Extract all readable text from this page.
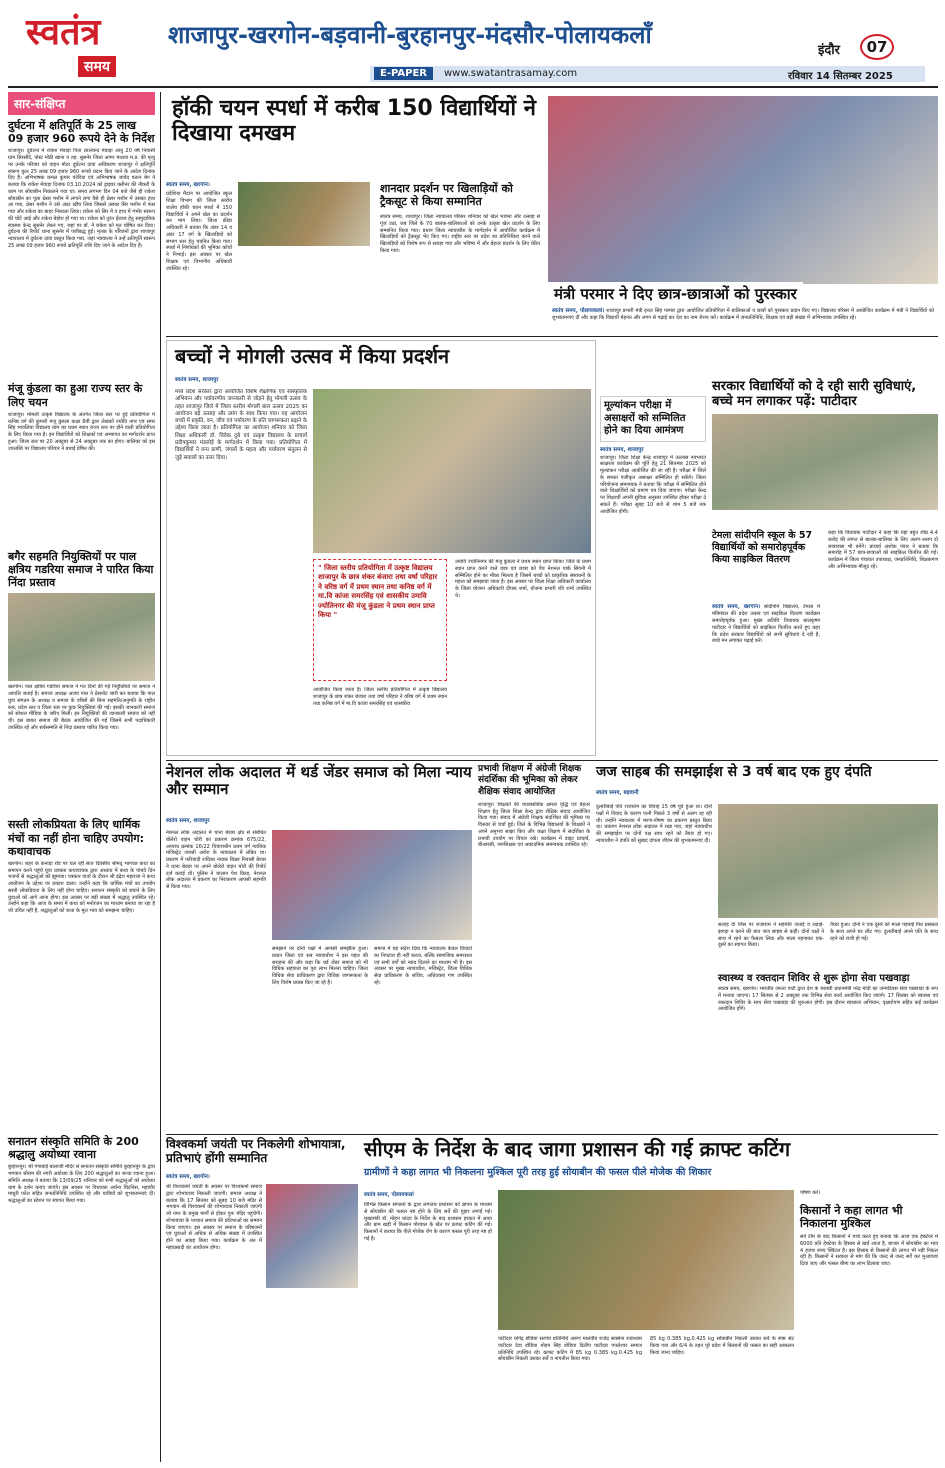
स्वतंत्र
समय
शाजापुर-खरगोन-बड़वानी-बुरहानपुर-मंदसौर-पोलायकलाँ
इंदौर	07
E-PAPER	www.swatantrasamay.com	रविवार 14 सितम्बर 2025
सार-संक्षिप्त
दुर्घटना में क्षतिपूर्ति के 25 लाख 09 हजार 960 रूपये देने के निर्देश
शाजापुर। दुर्घटना में राकेश मेवाड़ा पिता लालचन्द मेवाड़ा आयु 20 वर्ष निवासी ग्राम सिरसौदें, पोस्ट मोठी खाना व तह. सुसनेर जिला आगर मालवा म.प्र. की मृत्यु पर उनके परिवार को वाहन मोटर दुर्घटना दावा अधिकरण शाजापुर ने क्षतिपूर्ति स्वरूप कुल 25 लाख 09 हजार 960 रूपये प्रदान किए जाने के आदेश दिनांक दिए हैं। अभिभाषक कमल कुमार पटेरिया एवं अभिभाषक जावेद पठान बेग ने बताया कि राकेश मेवाड़ा दिनांक 03.10.2024 को ड्राइवर क्लीनर की नौकरी के काम पर सोयाबीन निकालने गया था। समय लगभग दिन 04 बजे जैसे ही राकेश सोयाबीन का पूला थ्रेसर मशीन में लगाने लगा वैसे ही थ्रेसर मशीन में उसका हाथ आ गया, थ्रेसर मशीन ने उसे अंदर खींच लिया जिससे उसका सिर मशीन में फंस गया और राकेश का बाहर निकाला लिया। राकेश को सिर में व हाथ में गंभीर स्वरूप की चोटें आई और राकेश बेहोश हो गया था। राकेश को तुरंत ईलाज हेतु सामुदायिक स्वास्थ्य केन्द्र सुसनेर लेकर गए, जहां पर डॉ. ने राकेश को मृत घोषित कर दिया। दुर्घटना की रिपोर्ट थाना सुसनेर में पंजीबद्ध हुई। मृतक के परिजनों द्वारा शाजापुर न्यायालय में दुर्घटना दावा प्रस्तुत किया गया, जहां न्यायालय ने उन्हें क्षतिपूर्ति स्वरूप 25 लाख 09 हजार 960 रूपये क्षतिपूर्ति राशि दिए जाने के आदेश दिए हैं।
मंजू कुंडला का हुआ राज्य स्तर के लिए चयन
शाजापुर। मोमली उत्कृष्ट विद्यालय के अंतर्गत जिला स्तर पर हुई प्रतियोगिता में कनिष्ठ वर्ग की कुमारी मंजू कुंडला कक्षा 8वीं द्वारा लेखकों ज्योति नगर एवं समर सिंह भावलिया विद्यालय ग्राम का प्रथम स्थान राज्य स्तर पर होने वाली प्रतियोगिता के लिए किया गया है। इन विद्यार्थियों को शिक्षकों एवं अभ्यागत का मार्गदर्शन प्राप्त हुआ। जिला स्तर पर 20 अक्टूबर से 24 अक्टूबर तक का होगा। बालिका को इस उपलब्धि पर विद्यालय परिवार ने बधाई प्रेषित की।
बगैर सहमति नियुक्तियों पर पाल क्षत्रिय गडरिया समाज ने पारित किया निंदा प्रस्ताव
खरगोन। पाल क्षत्रिय गडरिया समाज ने गत दिनों की गई नियुक्तियों पर समाज ने आपत्ति जताई है। समाज अध्यक्ष अजय पाल ने प्रेसनोट जारी कर बताया कि पाल युवा संगठन के अध्यक्ष व समाज के वरिष्ठों की बिना सहमति/अनुमति के राष्ट्रीय स्तर, प्रदेश स्तर व जिला स्तर पर कुछ नियुक्तियां की गई। इसकी जानकारी समाज को सोशल मीडिया के जरिए मिली। इन नियुक्तियों की जानकारी समाज को नहीं थी। इस बाबत समाज की बैठक आयोजित की गई जिसमें सभी पदाधिकारी उपस्थित रहे और सर्वसम्मति से निंदा प्रस्ताव पारित किया गया।
सस्ती लोकप्रियता के लिए धार्मिक मंचों का नहीं होना चाहिए उपयोग: कथावाचक
खरगोन। शहर के कनाड़ा रोड पर चल रही सात दिवसीय श्रीमद् भागवत कथा का समापन करने पहुंचे युवा प्रवक्ता कथावाचक द्वारा अध्याय में कथा के पांचवे दिन भजनों से श्रद्धालुओं को झूमाया। पत्रकार वार्ता के दौरान श्री इंद्रेश महाराज ने कथा आयोजन के उद्देश्य पर प्रकाश डाला। उन्होंने कहा कि धार्मिक मंचों का उपयोग सस्ती लोकप्रियता के लिए नहीं होना चाहिए। सनातन संस्कृति को बचाने के लिए युवाओं को आगे आना होगा। इस अवसर पर बड़ी संख्या में श्रद्धालु उपस्थित रहे। उन्होंने कहा कि आज के समय में कथा को मनोरंजन का माध्यम बनाया जा रहा है जो उचित नहीं है, श्रद्धालुओं को कथा के मूल भाव को समझना चाहिए।
सनातन संस्कृति समिति के 200 श्रद्धालु अयोध्या रवाना
बुरहानपुर। श्री गंगाबाई बालाजी मंदिर से सनातन संस्कृति समिति बुरहानपुर के द्वारा भगवान श्रीराम की नगरी अयोध्या के लिए 200 श्रद्धालुओं का जत्था रवाना हुआ। समिति अध्यक्ष ने बताया कि 13/09/25 शनिवार को सभी श्रद्धालुओं को अयोध्या धाम के दर्शन कराए जाएंगे। इस अवसर पर विधायक अर्चना चिटनिस, महापौर माधुरी पटेल सहित जनप्रतिनिधि उपस्थित रहे और यात्रियों को शुभकामनाएं दीं। श्रद्धालुओं का स्टेशन पर स्वागत किया गया।
हॉकी चयन स्पर्धा में करीब 150 विद्यार्थियों ने दिखाया दमखम
स्वतंत्र समय, खरगोन।
प्रदेशिया मैदान पर आयोजित स्कूल शिक्षा विभाग की जिला स्तरीय शालेय हॉकी चयन स्पर्धा में 150 विद्यार्थियों ने अपने खेल का प्रदर्शन कर भाग लिया। जिला क्रीड़ा अधिकारी ने बताया कि अंडर 14 व अंडर 17 वर्ग के खिलाड़ियों को संभाग स्तर हेतु चयनित किया गया। स्पर्धा में निर्णायकों की भूमिका कोचों ने निभाई। इस अवसर पर खेल शिक्षक एवं विभागीय अधिकारी उपस्थित रहे।
शानदार प्रदर्शन पर खिलाड़ियों को ट्रैकसूट से किया सम्मानित
स्वतंत्र समय, शाजापुर। जिला न्यायालय परिसर शनिवार को खेल भावना और उत्साह से गूंज उठा, जब जिले के 70 बालक-बालिकाओं को उनके उत्कृष्ट खेल प्रदर्शन के लिए सम्मानित किया गया। प्रधान जिला न्यायाधीश के मार्गदर्शन में आयोजित कार्यक्रम में खिलाड़ियों को ट्रैकसूट भेंट किए गए। राष्ट्रीय स्तर पर प्रदेश का प्रतिनिधित्व करने वाले खिलाड़ियों को विशेष रूप से सराहा गया और भविष्य में और बेहतर प्रदर्शन के लिए प्रेरित किया गया।
मंत्री परमार ने दिए छात्र-छात्राओं को पुरस्कार
स्वतंत्र समय, पोलायकलां। शाजापुर प्रभारी मंत्री इन्दर सिंह परमार द्वारा आयोजित प्रतियोगिता में बालिकाओं व छात्रों को पुरस्कार प्रदान किए गए। विद्यालय परिसर में आयोजित कार्यक्रम में मंत्री ने विद्यार्थियों को शुभकामनाएं दीं और कहा कि विद्यार्थी मेहनत और लगन से पढ़ाई कर देश का नाम रोशन करें। कार्यक्रम में जनप्रतिनिधि, शिक्षक एवं बड़ी संख्या में अभिभावक उपस्थित रहे।
बच्चों ने मोगली उत्सव में किया प्रदर्शन
स्वतंत्र समय, शाजापुर
मध्य प्रदेश सरकार द्वारा आयोजित विशेष शैक्षणिक एवं सांस्कृतिक अभियान और पर्यावरणीय जानकारी से जोड़ने हेतु मोगली उत्सव के तहत शाजापुर जिले में जिला स्तरीय मोगली बाल उत्सव 2025 का आयोजन बड़े उत्साह और उमंग के साथ किया गया। यह आयोजन बच्चों में प्रकृति, वन, जीव एवं पर्यावरण के प्रति जागरूकता बढ़ाने के उद्देश्य किया जाता है। प्रतियोगिता का आयोजन शनिवार को जिला शिक्षा अधिकारी डॉ. विवेक दुबे एवं उत्कृष्ट विद्यालय के प्राचार्य प्रदीपकुमार मंडलोई के मार्गदर्शन में किया गया। प्रतियोगिता में विद्यार्थियों ने वन्य प्राणी, जंगलों के महत्व और पर्यावरण संतुलन से जुड़े सवालों का उत्तर दिया।
" जिला स्तरीय प्रतियोगिता में उत्कृष्ट विद्यालय शाजापुर के छात्र शंकर बंजारा तथा वर्षा परिहार ने वरिष्ठ वर्ग में प्रथम स्थान तथा कनिष्ठ वर्ग में मा.वि कांजा समरसिंह एवं शासकीय उमावि ज्योतिनगर की मंजू कुंडला ने प्रथम स्थान प्राप्त किया "
आयोजित किया जाता है। जिला स्तरीय प्रतियोगिता में उत्कृष्ट विद्यालय शाजापुर के छात्र शंकर बंजारा तथा वर्षा परिहार ने वरिष्ठ वर्ग में प्रथम स्थान तथा कनिष्ठ वर्ग में मा.वि कांजा समरसिंह एवं शासकीय
उमावि ज्योतिनगर की मंजू कुंडला ने प्रथम स्थान प्राप्त किया। जिले के प्रथम स्थान प्राप्त करने वाले छात्र एवं छात्रा को पेंच नेशनल पार्क सिवनी में सम्मिलित होने का मौका मिलता है जिसमें बच्चों को प्राकृतिक संसाधनों के महत्व को समझाया जाता है। इस अवसर पर जिला शिक्षा अधिकारी कार्यालय के जिला योजना अधिकारी दीपक शर्मा, योजना प्रभारी रवि शर्मा उपस्थित थे।
मूल्यांकन परीक्षा में असाक्षरों को सम्मिलित होने का दिया आमंत्रण
स्वतंत्र समय, शाजापुर
शाजापुर। जिला शिक्षा केन्द्र शाजापुर में उल्लास नवभारत साक्षरता कार्यक्रम की पूर्ति हेतु 21 सितम्बर 2025 को मूल्यांकन परीक्षा आयोजित की जा रही है। परीक्षा में जिले के समस्त पंजीकृत असाक्षर सम्मिलित हो सकेंगे। जिला परियोजना समन्वयक ने बताया कि परीक्षा में सम्मिलित होने वाले शिक्षार्थियों को प्रमाण पत्र दिया जाएगा। परीक्षा केन्द्र पर शिक्षार्थी अपनी सुविधा अनुसार उपस्थित होकर परीक्षा दे सकते हैं। परीक्षा सुबह 10 बजे से शाम 5 बजे तक आयोजित होगी।
सरकार विद्यार्थियों को दे रही सारी सुविधाएं, बच्चे मन लगाकर पढ़ें: पाटीदार
टेमला सांदीपनि स्कूल के 57 विद्यार्थियों को समारोहपूर्वक किया साइकिल वितरण
स्वतंत्र समय, खरगोन। सांदीपनि विद्यालय, टेमला में मंत्रिमंडल की प्रदेश उत्सव एवं साइकिल वितरण कार्यक्रम समारोहपूर्वक हुआ। मुख्य अतिथि विधायक बालकृष्ण पाटीदार ने विद्यार्थियों को साइकिल वितरित करते हुए कहा कि प्रदेश सरकार विद्यार्थियों को सभी सुविधाएं दे रही है, बच्चे मन लगाकर पढ़ाई करें।
कहा कि विधायक पाटीदार ने कहा कि यहां बहुत शीघ्र 4.4 करोड़ की लागत से बालक-बालिका के लिए अलग-अलग दो छात्रावास भी बनेंगे। प्राचार्य अशोक पंवार ने बताया कि समारोह में 57 छात्र-छात्राओं को साइकिल वितरित की गई। कार्यक्रम में जिला पंचायत उपाध्यक्ष, जनप्रतिनिधि, शिक्षकगण और अभिभावक मौजूद रहे।
नेशनल लोक अदालत में थर्ड जेंडर समाज को मिला न्याय और सम्मान
स्वतंत्र समय, शाजापुर
नेशनल लोक अदालत में थाना बेरछा क्षेत्र से संबंधित बोलेरो वाहन चोरी का प्रकरण क्रमांक 675/22, अपराध क्रमांक 16/22 विचाराधीन प्रथम वर्ग न्यायिक मजिस्ट्रेट जयश्री अरोरा के न्यायालय में लंबित था। प्रकरण में फरियादी राधिका नायक किन्नर निवासी बेरछा ने थाना बेरछा पर अपने बोलेरो वाहन चोरी की रिपोर्ट दर्ज कराई थी। पुलिस ने चालान पेश किया, नेशनल लोक अदालत में प्रकरण का निराकरण आपसी सहमति से किया गया।
समझाने पर दोनों पक्षों में आपसी समझौता हुआ। प्रधान जिला एवं सत्र न्यायाधीश ने इस पहल की सराहना की और कहा कि थर्ड जेंडर समाज को भी विधिक सहायता का पूरा लाभ मिलना चाहिए। जिला विधिक सेवा प्राधिकरण द्वारा विधिक जागरूकता के लिए विशेष प्रयास किए जा रहे हैं।
समाज में यह संदेश दिया कि न्यायालय केवल विवादों का निपटारा ही नहीं करता, बल्कि सामाजिक समरसता एवं सभी वर्गों को न्याय दिलाने का माध्यम भी है। इस अवसर पर मुख्य न्यायाधीश, मजिस्ट्रेट, जिला विधिक सेवा प्राधिकरण के सचिव, अधिवक्ता गण उपस्थित रहे।
प्रभावी शिक्षण में अंग्रेजी शिक्षक संदर्शिका की भूमिका को लेकर शैक्षिक संवाद आयोजित
शाजापुर। शिक्षकों की व्यावसायिक क्षमता वृद्धि एवं बेहतर शिक्षण हेतु जिला शिक्षा केन्द्र द्वारा शैक्षिक संवाद आयोजित किया गया। संवाद में अंग्रेजी शिक्षक संदर्शिका की भूमिका पर विस्तार से चर्चा हुई। जिले के विभिन्न विद्यालयों के शिक्षकों ने अपने अनुभव साझा किए और कक्षा शिक्षण में संदर्शिका के प्रभावी उपयोग पर विचार रखे। कार्यक्रम में डाइट प्राचार्य, बीआरसी, जनशिक्षक एवं अकादमिक समन्वयक उपस्थित रहे।
जज साहब की समझाईश से 3 वर्ष बाद एक हुए दंपति
स्वतंत्र समय, बड़वानी
दुलारीबाई पति राजाराम का विवाह 15 वर्ष पूर्व हुआ था। दोनों पक्षों में विवाद के कारण पत्नी पिछले 3 वर्षों से अलग रह रही थी। उन्होंने न्यायालय में भरण-पोषण का प्रकरण प्रस्तुत किया था। प्रकरण नेशनल लोक अदालत में रखा गया, जहां न्यायाधीश की समझाईश पर दोनों पक्ष साथ रहने को तैयार हो गए। न्यायाधीश ने दंपति को सुखद दांपत्य जीवन की शुभकामनाएं दीं।
सलाह दी जिस पर राजाराम ने सहमति जताई व लड़ाई-झगड़ा न करने की बात जज साहब से कही। दोनों पक्षों ने साथ में रहने का फैसला लिया और माला पहनाकर एक-दूसरे का स्वागत किया।
तैयार हुआ। दोनों ने एक दूसरे को माला पहनाई फिर प्रसन्नता के साथ अपने घर लौट गए। दुलारीबाई अपने पति के साथ रहने को राजी हो गई।
स्वास्थ्य व रक्तदान शिविर से शुरू होगा सेवा पखवाड़ा
स्वतंत्र समय, खरगोन। भारतीय जनता पार्टी द्वारा देश के यशस्वी प्रधानमंत्री नरेंद्र मोदी का जन्मदिवस सेवा पखवाड़ा के रूप में मनाया जाएगा। 17 सितंबर से 2 अक्टूबर तक विभिन्न सेवा कार्य आयोजित किए जाएंगे। 17 सितंबर को स्वास्थ्य एवं रक्तदान शिविर के साथ सेवा पखवाड़ा की शुरुआत होगी। इस दौरान स्वच्छता अभियान, वृक्षारोपण सहित कई कार्यक्रम आयोजित होंगे।
विश्वकर्मा जयंती पर निकलेगी शोभायात्रा, प्रतिभाएं होंगी सम्मानित
स्वतंत्र समय, खरगोन।
श्री विश्वकर्मा जयंती के अवसर पर विश्वकर्मा समाज द्वारा शोभायात्रा निकाली जाएगी। समाज अध्यक्ष ने बताया कि 17 सितंबर को सुबह 10 बजे मंदिर से भगवान श्री विश्वकर्मा की शोभायात्रा निकाली जाएगी जो नगर के प्रमुख मार्गों से होकर पुनः मंदिर पहुंचेगी। शोभायात्रा के पश्चात समाज की प्रतिभाओं का सम्मान किया जाएगा। इस अवसर पर समाज के वरिष्ठजनों एवं युवाओं से अधिक से अधिक संख्या में उपस्थित होने का आग्रह किया गया। कार्यक्रम के अंत में महाप्रसादी का आयोजन होगा।
सीएम के निर्देश के बाद जागा प्रशासन की गई क्राफ्ट कटिंग
ग्रामीणों ने कहा लागत भी निकलना मुश्किल पूरी तरह हुई सोयाबीन की फसल पीले मोजेक की शिकार
स्वतंत्र समय, पोलायकलां
विभिन्न किसान संगठनों के द्वारा लगातार प्रशासन को ज्ञापन के माध्यम से सोयाबीन की फसल नष्ट होने के लिए सर्वे की गुहार लगाई गई। मुख्यमंत्री डॉ. मोहन यादव के निर्देश के बाद प्रशासन हरकत में आया और ग्राम खड़ी में किसान पोरवाल के खेत पर क्राफ्ट कटिंग की गई। किसानों ने बताया कि पीले मोजेक रोग के कारण फसल पूरी तरह नष्ट हो गई है।
पाटीदार योगेंद्र डोडिया सरपंच प्रतिनिधि अरुण मालवीय राजेंद्र सक्सेना राधेश्याम पाटीदार देवा डोडिया मोहन सिंह डोडिया दिलीप पाटीदार पपलेश्वर समाज प्रतिनिधि उपस्थित रहे। क्राफ्ट कटिंग में 85 kg 0.385 kg.0.425 kg सोयाबीन निकली उसका सर्वे व नापतौल किया गया।
85 kg 0.385 kg.0.425 kg सोयाबीन निकली उसका सर्वे के स्पष्ट सेट किया गया और 6/4 के तहत पूरे प्रदेश में किसानों की फसल का सही आकलन किया जाना चाहिए।
पोषण करें।
किसानों ने कहा लागत भी निकालना मुश्किल
सर्वे टीम के बाद किसानों ने चर्चा करते हुए बताया कि आज एक हेक्टेयर में 6000 प्रति हेक्टेयर के हिसाब से खर्च आता है, बाजार में सोयाबीन का भाव 4 हजार रुपए क्विंटल है। इस हिसाब से किसानों की लागत भी नहीं निकल रही है। किसानों ने सरकार से मांग की कि जल्द से जल्द सर्वे कर मुआवजा दिया जाए और फसल बीमा का लाभ दिलाया जाए।
